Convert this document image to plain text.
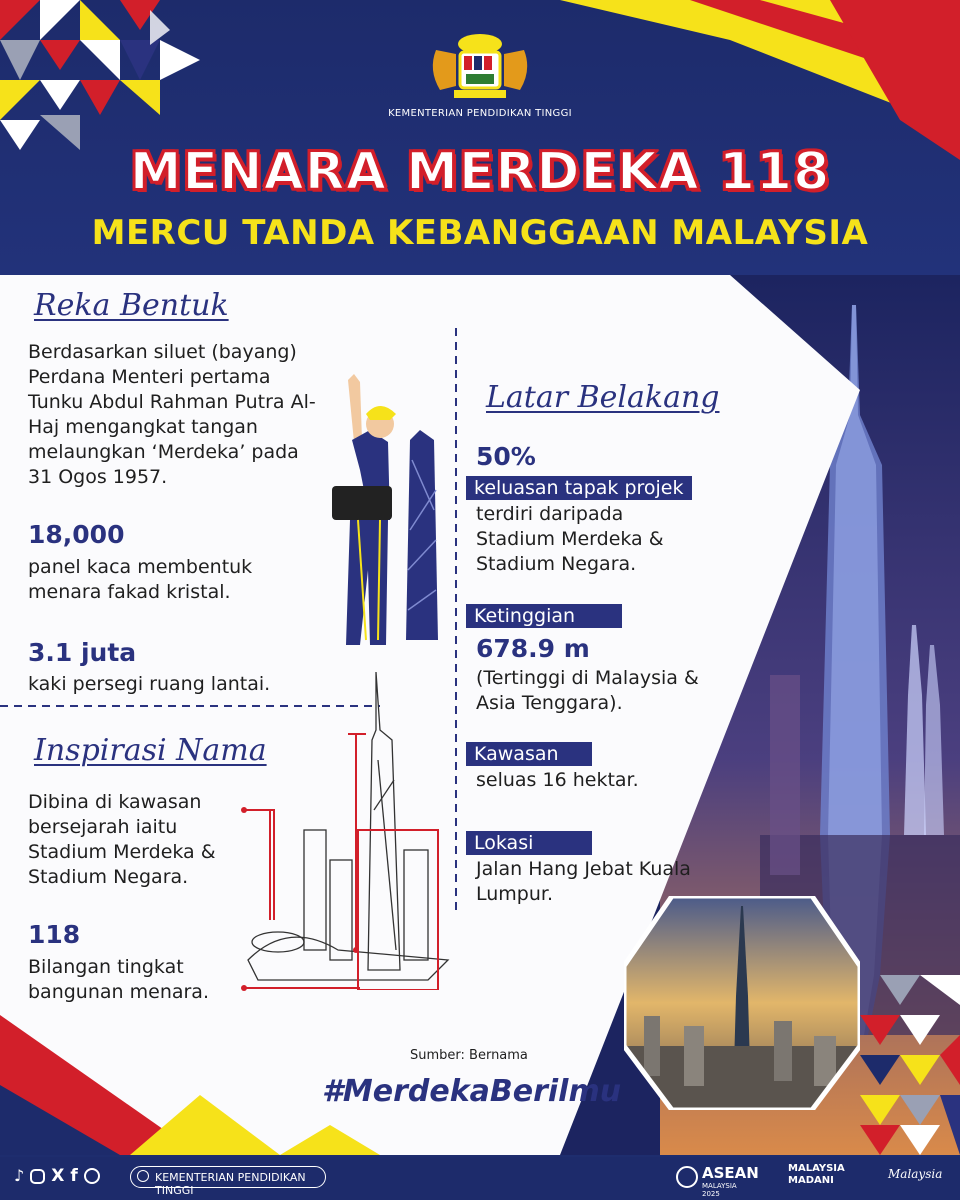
KEMENTERIAN PENDIDIKAN TINGGI
MENARA MERDEKA 118
MERCU TANDA KEBANGGAAN MALAYSIA
Reka Bentuk
Berdasarkan siluet (bayang) Perdana Menteri pertama Tunku Abdul Rahman Putra Al-Haj mengangkat tangan melaungkan ‘Merdeka’ pada 31 Ogos 1957.
18,000
panel kaca membentuk menara fakad kristal.
3.1 juta
kaki persegi ruang lantai.
Inspirasi Nama
Dibina di kawasan bersejarah iaitu Stadium Merdeka & Stadium Negara.
118
Bilangan tingkat bangunan menara.
Latar Belakang
50%
keluasan tapak projek
terdiri daripada Stadium Merdeka & Stadium Negara.
Ketinggian
678.9 m
(Tertinggi di Malaysia & Asia Tenggara).
Kawasan
seluas 16 hektar.
Lokasi
Jalan Hang Jebat Kuala Lumpur.
Sumber: Bernama
#MerdekaBerilmu
♪ X f	KEMENTERIAN PENDIDIKAN TINGGI
ASEAN
MALAYSIA 2025
MALAYSIA MADANI	Malaysia
